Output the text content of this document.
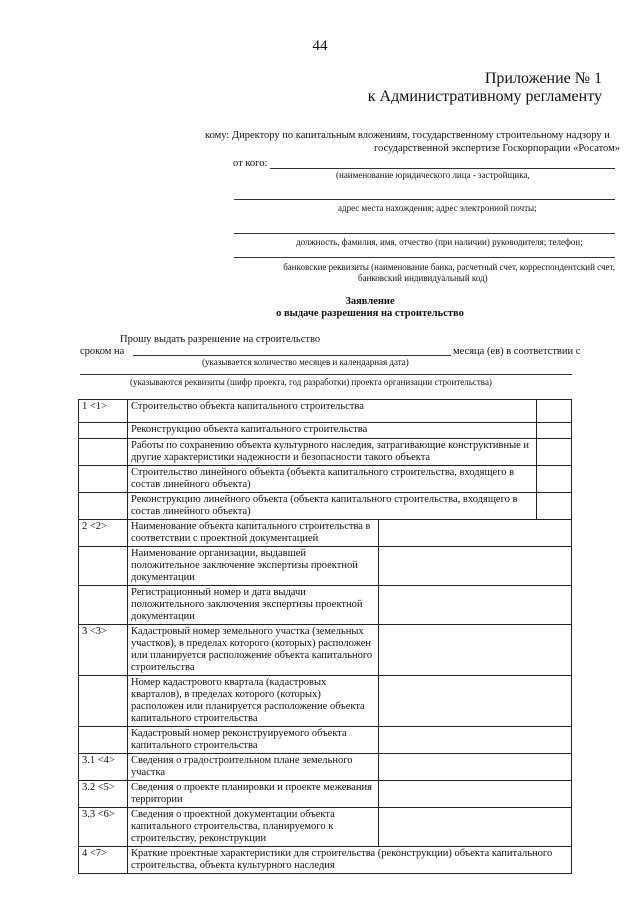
44
Приложение № 1
к Административному регламенту
кому: Директору по капитальным вложениям, государственному строительному надзору и
государственной экспертизе Госкорпорации «Росатом»
от кого:
(наименование юридического лица - застройщика,
адрес места нахождения; адрес электронной почты;
должность, фамилия, имя, отчество (при наличии) руководителя; телефон;
банковские реквизиты (наименование банка, расчетный счет, корреспондентский счет,
банковский индивидуальный код)
Заявление
о выдаче разрешения на строительство
Прошу выдать разрешение на строительство
сроком на	месяца (ев) в соответствии с
(указывается количество месяцев и календарная дата)
(указываются реквизиты (шифр проекта, год разработки) проекта организации строительства)
1 <1>	Строительство объекта капитального строительства		
	Реконструкцию объекта капитального строительства		
	Работы по сохранению объекта культурного наследия, затрагивающие конструктивные и другие характеристики надежности и безопасности такого объекта		
	Строительство линейного объекта (объекта капитального строительства, входящего в состав линейного объекта)		
	Реконструкцию линейного объекта (объекта капитального строительства, входящего в состав линейного объекта)		
2 <2>	Наименование объекта капитального строительства в соответствии с проектной документацией		
	Наименование организации, выдавшей положительное заключение экспертизы проектной документации		
	Регистрационный номер и дата выдачи положительного заключения экспертизы проектной документации		
3 <3>	Кадастровый номер земельного участка (земельных участков), в пределах которого (которых) расположен или планируется расположение объекта капитального строительства		
	Номер кадастрового квартала (кадастровых кварталов), в пределах которого (которых) расположен или планируется расположение объекта капитального строительства		
	Кадастровый номер реконструируемого объекта капитального строительства		
3.1 <4>	Сведения о градостроительном плане земельного участка		
3.2 <5>	Сведения о проекте планировки и проекте межевания территории		
3.3 <6>	Сведения о проектной документации объекта капитального строительства, планируемого к строительству, реконструкции		
4 <7>	Краткие проектные характеристики для строительства (реконструкции) объекта капитального строительства, объекта культурного наследия		
